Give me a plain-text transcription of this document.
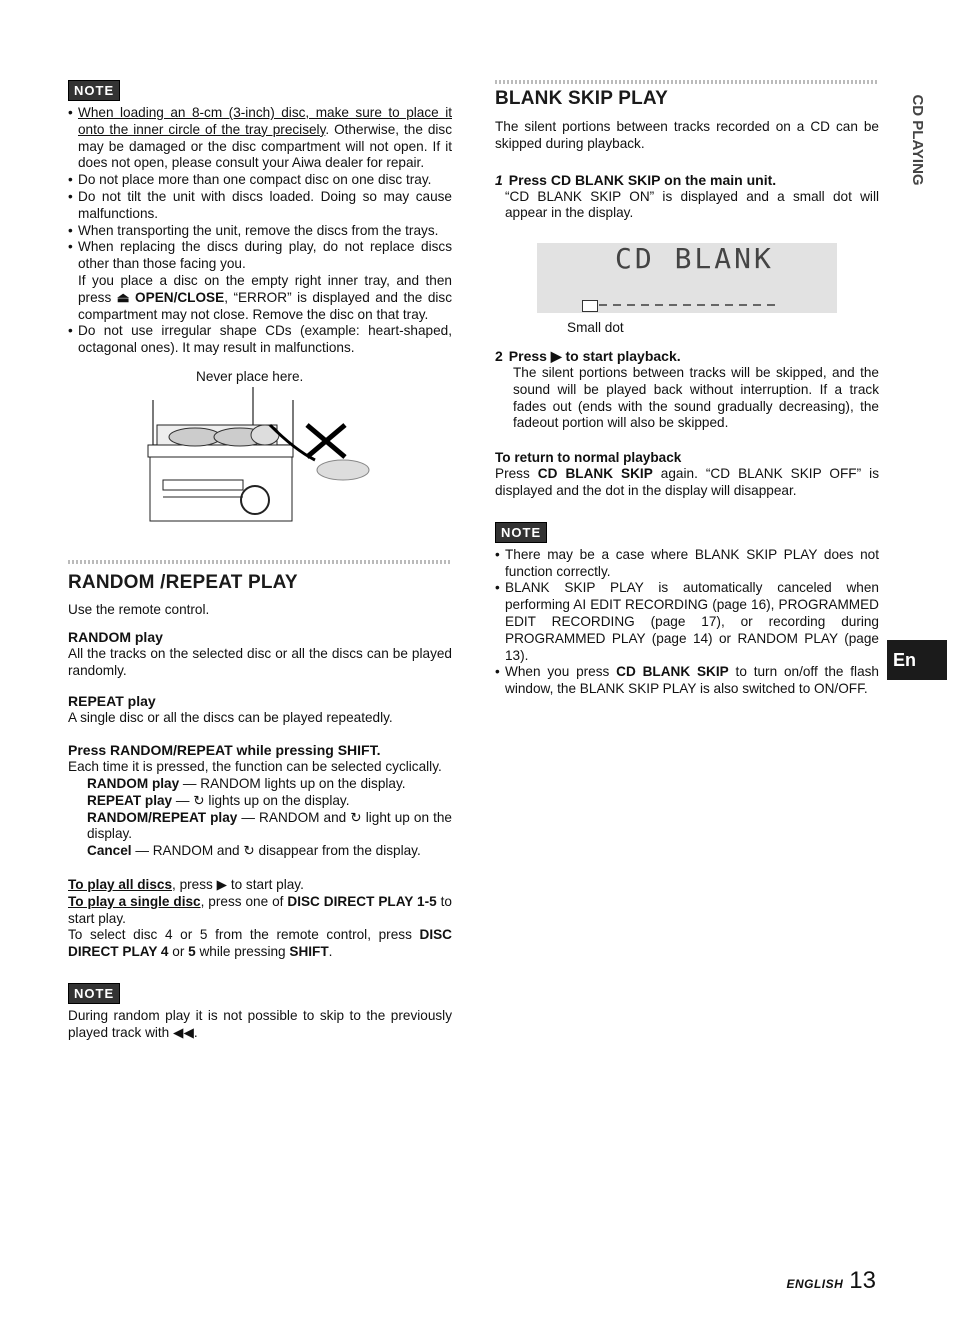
NOTE
• When loading an 8-cm (3-inch) disc, make sure to place it onto the inner circle of the tray precisely. Otherwise, the disc may be damaged or the disc compartment will not open. If it does not open, please consult your Aiwa dealer for repair.
• Do not place more than one compact disc on one disc tray.
• Do not tilt the unit with discs loaded. Doing so may cause malfunctions.
• When transporting the unit, remove the discs from the trays.
• When replacing the discs during play, do not replace discs other than those facing you.
If you place a disc on the empty right inner tray, and then press ⏏ OPEN/CLOSE, “ERROR” is displayed and the disc compartment may not close. Remove the disc on that tray.
• Do not use irregular shape CDs (example: heart-shaped, octagonal ones). It may result in malfunctions.
Never place here.
RANDOM /REPEAT PLAY

Use the remote control.

RANDOM play

All the tracks on the selected disc or all the discs can be played randomly.

REPEAT play

A single disc or all the discs can be played repeatedly.

Press RANDOM/REPEAT while pressing SHIFT.

Each time it is pressed, the function can be selected cyclically.

RANDOM play — RANDOM lights up on the display.

REPEAT play — ↻ lights up on the display.

RANDOM/REPEAT play — RANDOM and ↻ light up on the display.

Cancel — RANDOM and ↻ disappear from the display.

To play all discs, press ▶ to start play.

To play a single disc, press one of DISC DIRECT PLAY 1-5 to start play.

To select disc 4 or 5 from the remote control, press DISC DIRECT PLAY 4 or 5 while pressing SHIFT.

NOTE

During random play it is not possible to skip to the previously played track with ◀◀.

BLANK SKIP PLAY

The silent portions between tracks recorded on a CD can be skipped during playback.

1 Press CD BLANK SKIP on the main unit.

“CD BLANK SKIP ON” is displayed and a small dot will appear in the display.

CD BLANK
Small dot
2 Press ▶ to start playback.

The silent portions between tracks will be skipped, and the sound will be played back without interruption. If a track fades out (ends with the sound gradually decreasing), the fadeout portion will also be skipped.

To return to normal playback

Press CD BLANK SKIP again. “CD BLANK SKIP OFF” is displayed and the dot in the display will disappear.

NOTE
• There may be a case where BLANK SKIP PLAY does not function correctly.
• BLANK SKIP PLAY is automatically canceled when performing AI EDIT RECORDING (page 16), PROGRAMMED EDIT RECORDING (page 17), or recording during PROGRAMMED PLAY (page 14) or RANDOM PLAY (page 13).
• When you press CD BLANK SKIP to turn on/off the flash window, the BLANK SKIP PLAY is also switched to ON/OFF.
CD PLAYING
En
ENGLISH 13
